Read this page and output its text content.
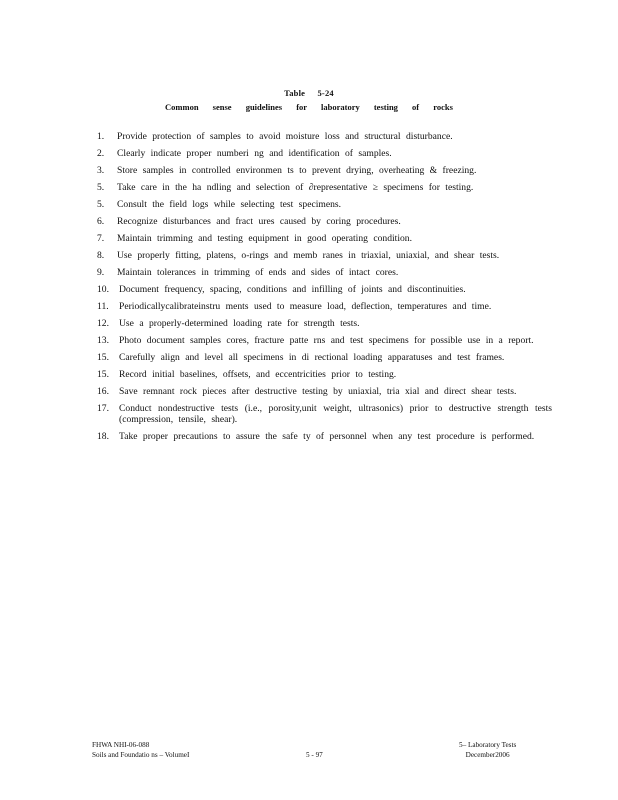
Table 5-24
Common sense guidelines for laboratory testing of rocks
1.	Provide protection of samples to avoid moisture loss and structural disturbance.
2.	Clearly indicate proper numberi ng and identification of samples.
3.	Store samples in controlled environmen ts to prevent drying, overheating & freezing.
5.	Take care in the ha ndling and selection of ∂representative ≥ specimens for testing.
5.	Consult the field logs while selecting test specimens.
6.	Recognize disturbances and fract ures caused by coring procedures.
7.	Maintain trimming and testing equipment in good operating condition.
8.	Use properly fitting, platens, o-rings and memb ranes in triaxial, uniaxial, and shear tests.
9.	Maintain tolerances in trimming of ends and sides of intact cores.
10.	Document frequency, spacing, conditions and infilling of joints and discontinuities.
11.	Periodicallycalibrateinstru ments used to measure load, deflection, temperatures and time.
12.	Use a properly-determined loading rate for strength tests.
13.	Photo document samples cores, fracture patte rns and test specimens for possible use in a report.
15.	Carefully align and level all specimens in di rectional loading apparatuses and test frames.
15.	Record initial baselines, offsets, and eccentricities prior to testing.
16.	Save remnant rock pieces after destructive testing by uniaxial, tria xial and direct shear tests.
17.	Conduct nondestructive tests (i.e., porosity,unit weight, ultrasonics) prior to destructive strength tests (compression, tensile, shear).
18.	Take proper precautions to assure the safe ty of personnel when any test procedure is performed.
FHWA NHI-06-088
Soils and Foundatio ns – VolumeI	5 - 97
5– Laboratory Tests
December2006
